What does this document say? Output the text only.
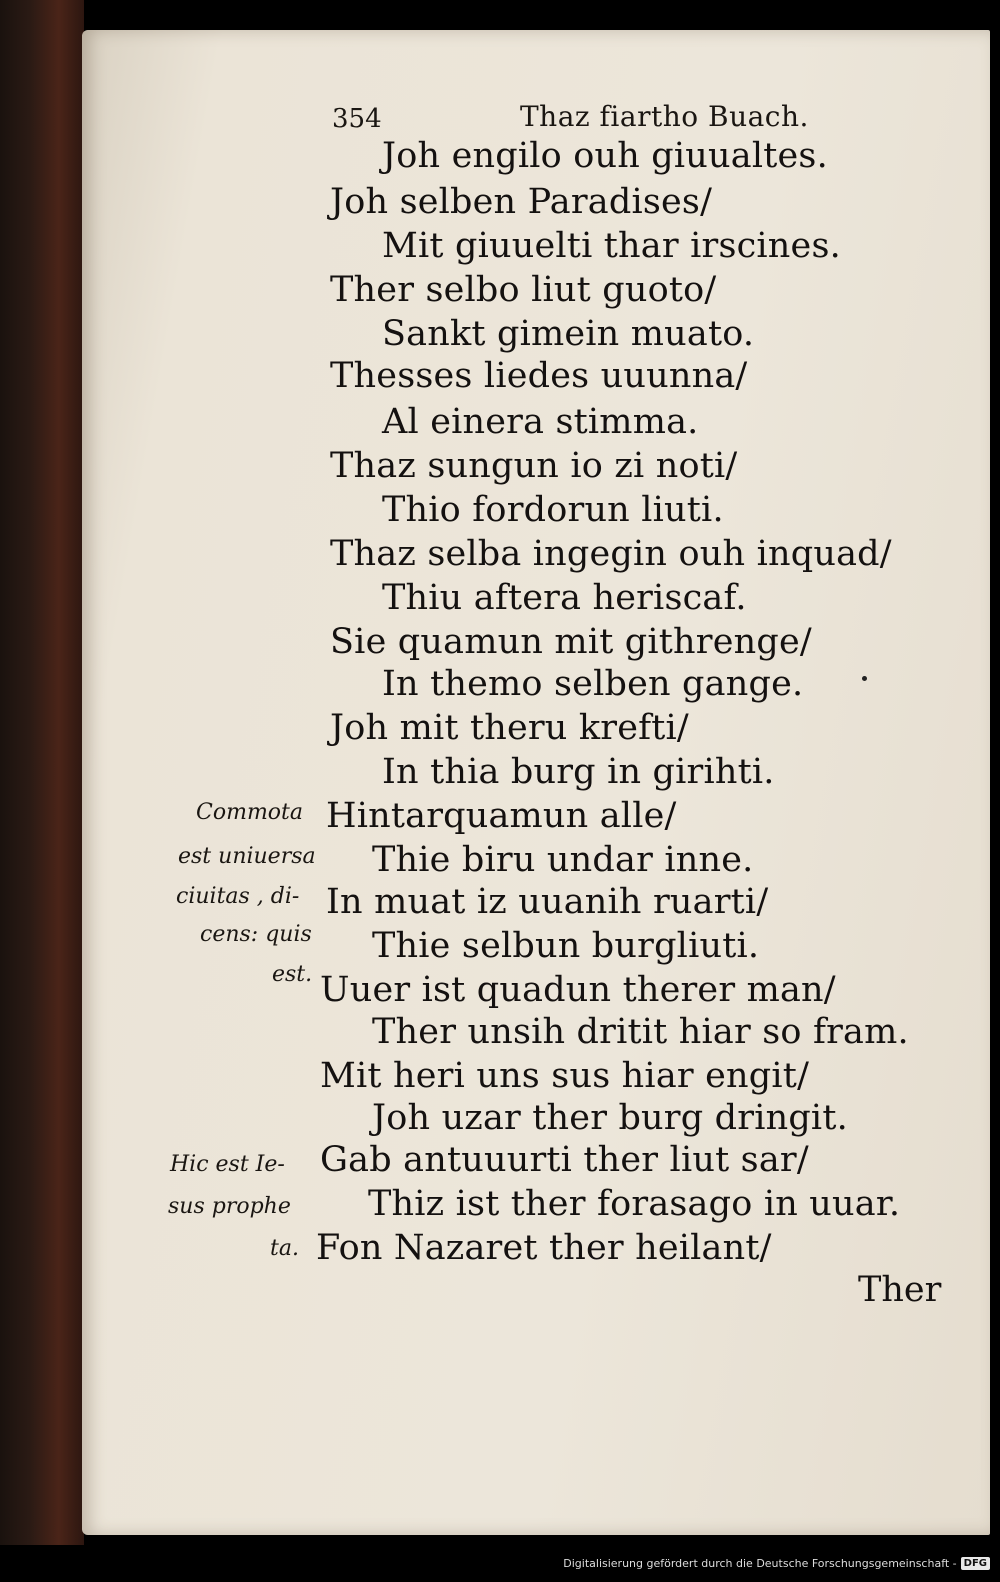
354	Thaz fiartho Buach.
Joh engilo ouh giuualtes.
Joh selben Paradises/
Mit giuuelti thar irscines.
Ther selbo liut guoto/
Sankt gimein muato.
Thesses liedes uuunna/
Al einera stimma.
Thaz sungun io zi noti/
Thio fordorun liuti.
Thaz selba ingegin ouh inquad/
Thiu aftera heriscaf.
Sie quamun mit githrenge/
In themo selben gange.
Joh mit theru krefti/
In thia burg in girihti.
Hintarquamun alle/
Thie biru undar inne.
In muat iz uuanih ruarti/
Thie selbun burgliuti.
Uuer ist quadun therer man/
Ther unsih dritit hiar so fram.
Mit heri uns sus hiar engit/
Joh uzar ther burg dringit.
Gab antuuurti ther liut sar/
Thiz ist ther forasago in uuar.
Fon Nazaret ther heilant/
Commota
est uniuersa
ciuitas , di-
cens: quis
est.
Hic est Ie-
sus prophe
ta.
Ther
Digitalisierung gefördert durch die Deutsche Forschungsgemeinschaft - DFG
